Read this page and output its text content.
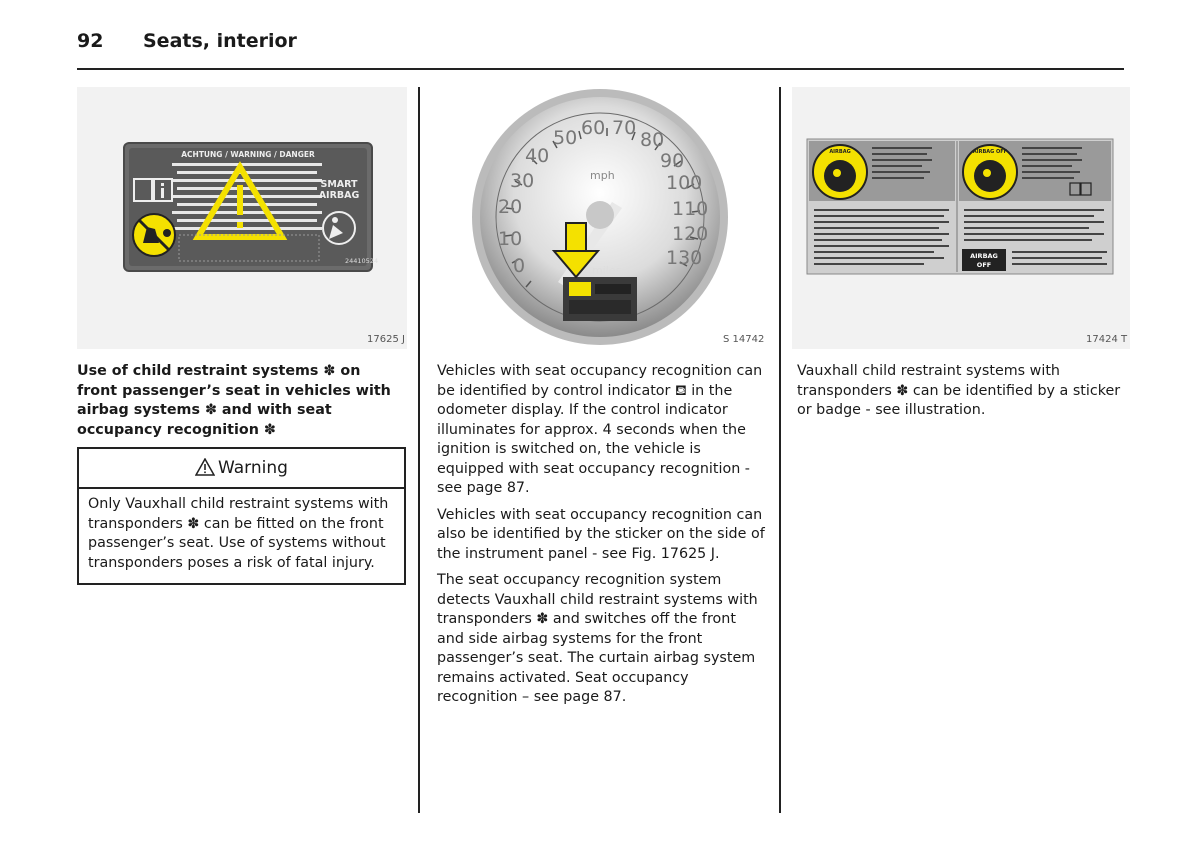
92 Seats, interior
ACHTUNG / WARNING / DANGER
SMART
AIRBAG
24410524
17625 J
0
10
20
30
40
50 60 70
80
90
100
110
120
130
mph
miles
S 14742
AIRBAG	AIRBAG OFF
AIRBAG
OFF
17424 T

Use of child restraint systems ✽ on front passenger’s seat in vehicles with airbag systems ✽ and with seat occupancy recognition ✽

Warning
Only Vauxhall child restraint systems with transponders ✽ can be fitted on the front passenger’s seat. Use of systems without transponders poses a risk of fatal injury.

Vehicles with seat occupancy recognition can be identified by control indicator ⛾ in the odometer display. If the control indicator illuminates for approx. 4 seconds when the ignition is switched on, the vehicle is equipped with seat occupancy recognition - see page 87.

Vehicles with seat occupancy recognition can also be identified by the sticker on the side of the instrument panel - see Fig. 17625 J.

The seat occupancy recognition system detects Vauxhall child restraint systems with transponders ✽ and switches off the front and side airbag systems for the front passenger’s seat. The curtain airbag system remains activated. Seat occupancy recognition – see page 87.

Vauxhall child restraint systems with transponders ✽ can be identified by a sticker or badge - see illustration.
